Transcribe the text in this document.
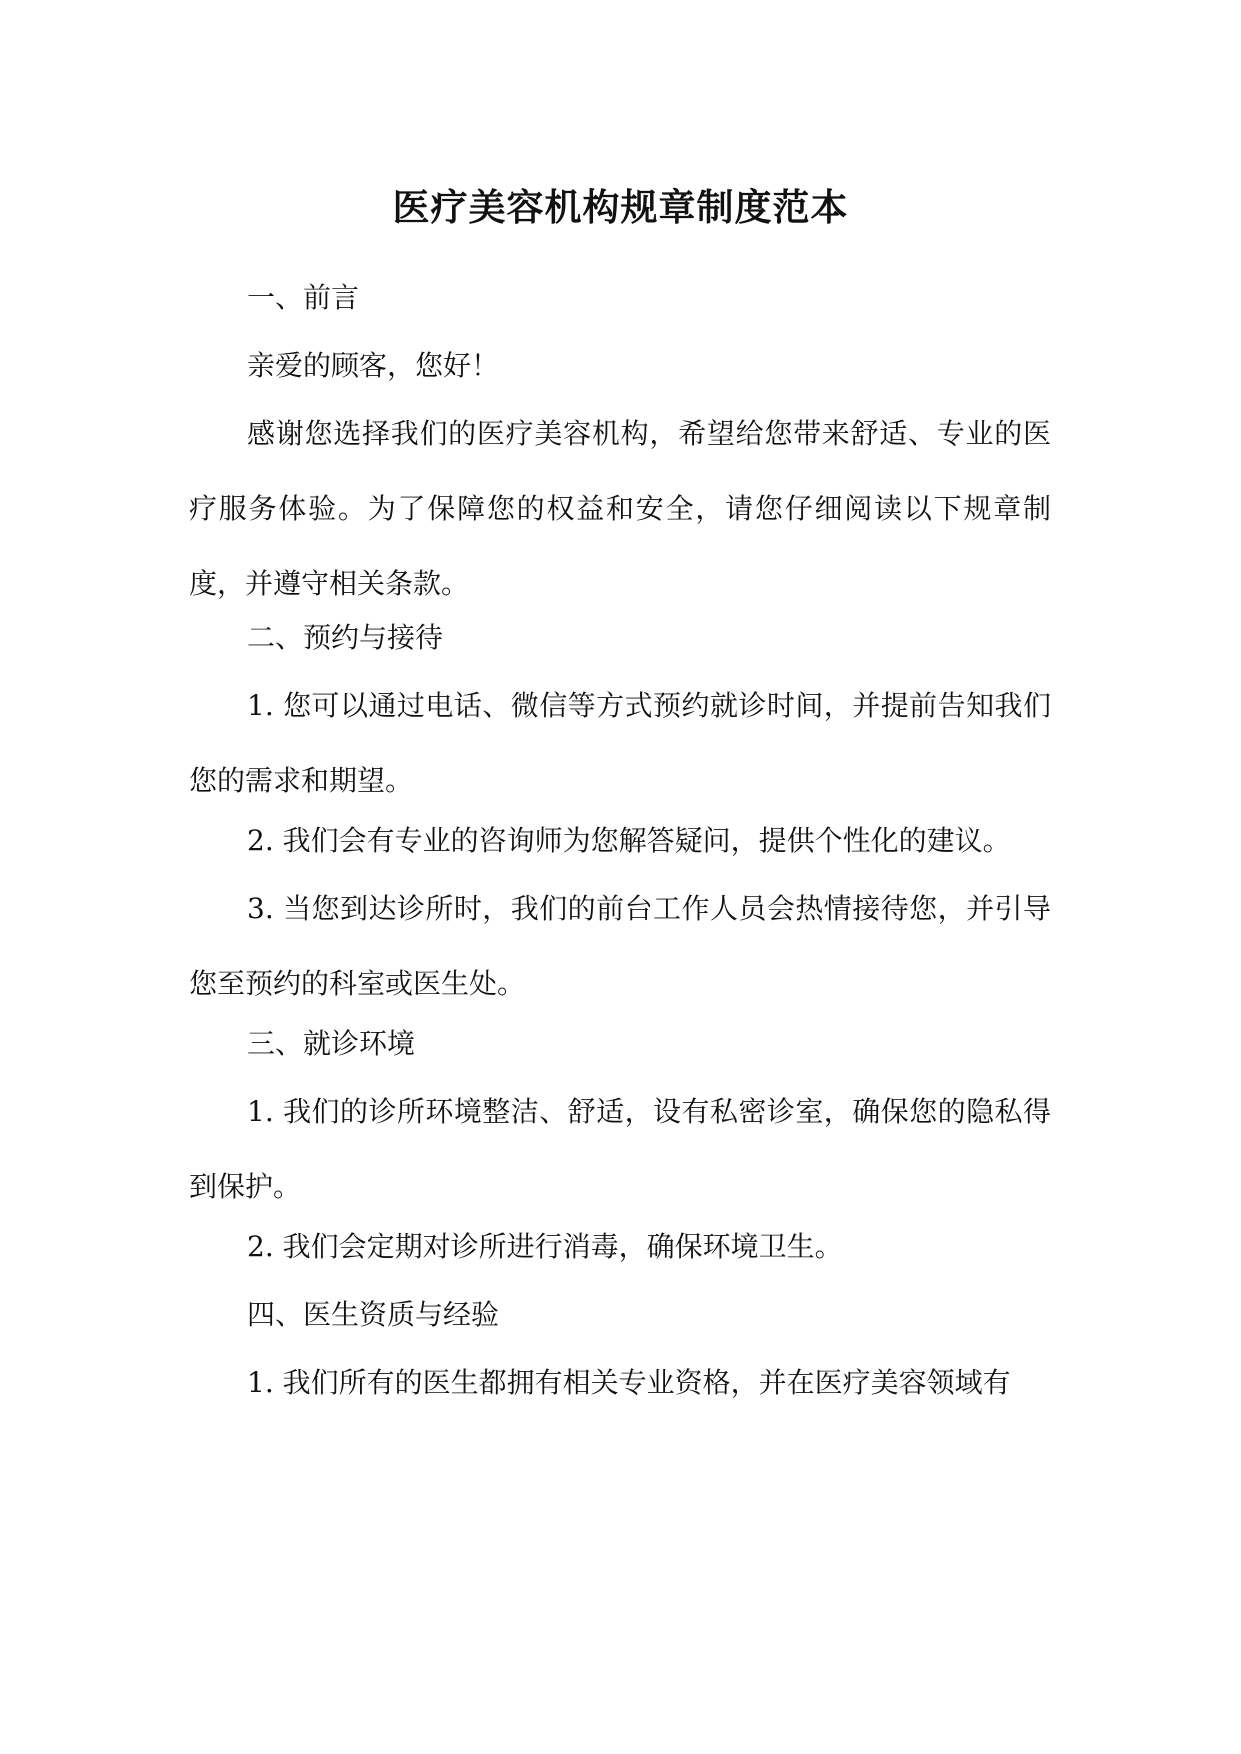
医疗美容机构规章制度范本

一、前言

亲爱的顾客，您好！

感谢您选择我们的医疗美容机构，希望给您带来舒适、专业的医疗服务体验。为了保障您的权益和安全，请您仔细阅读以下规章制度，并遵守相关条款。

二、预约与接待

1. 您可以通过电话、微信等方式预约就诊时间，并提前告知我们您的需求和期望。

2. 我们会有专业的咨询师为您解答疑问，提供个性化的建议。

3. 当您到达诊所时，我们的前台工作人员会热情接待您，并引导您至预约的科室或医生处。

三、就诊环境

1. 我们的诊所环境整洁、舒适，设有私密诊室，确保您的隐私得到保护。

2. 我们会定期对诊所进行消毒，确保环境卫生。

四、医生资质与经验

1. 我们所有的医生都拥有相关专业资格，并在医疗美容领域有
